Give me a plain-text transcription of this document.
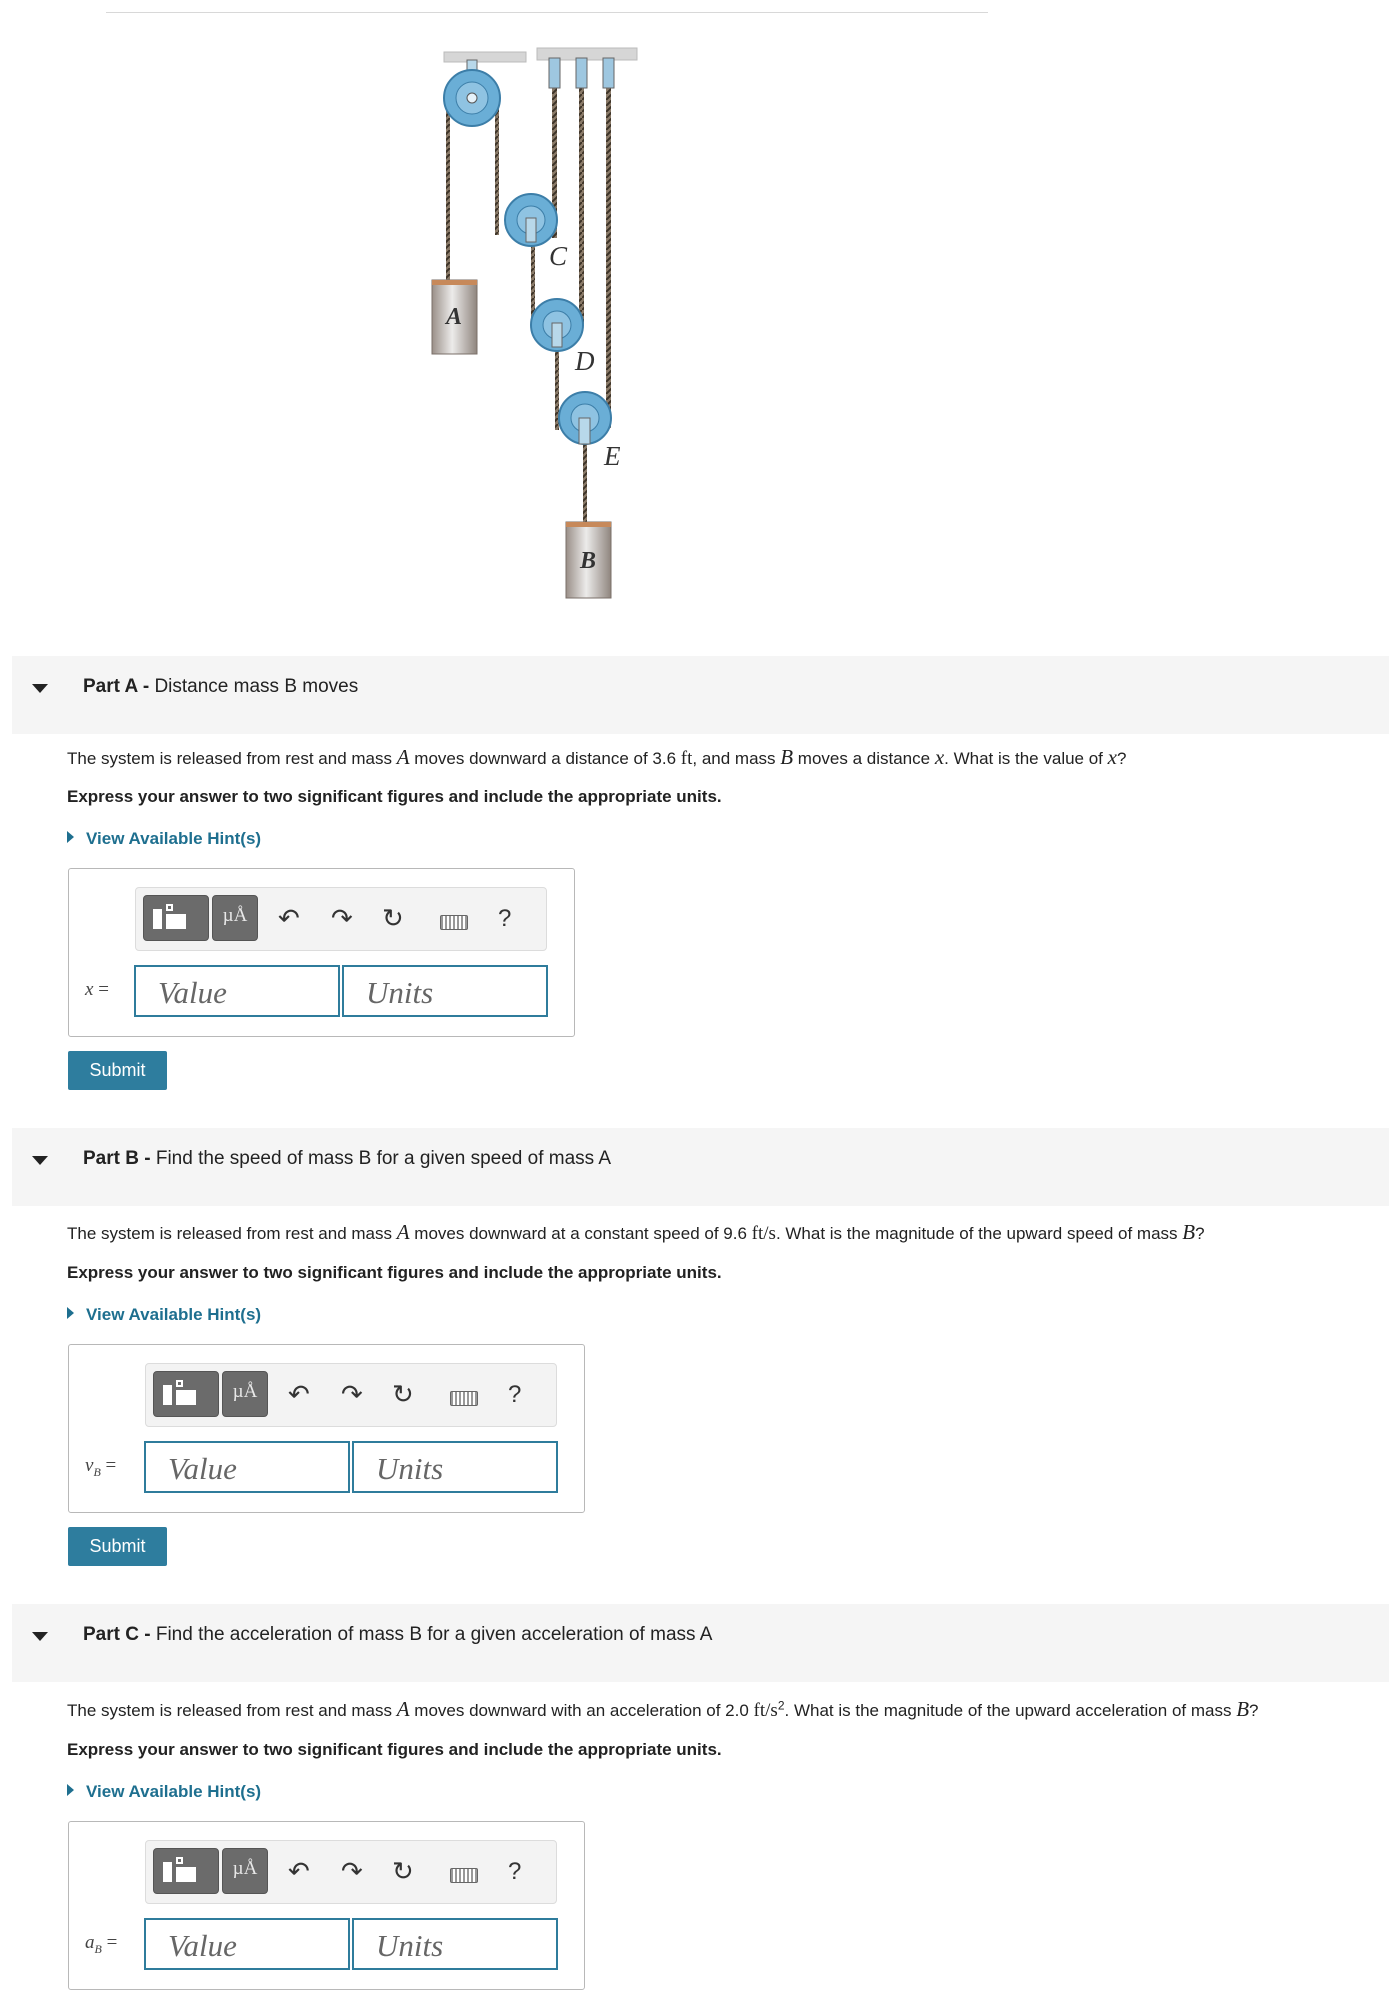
A
B
C
D
E
Part A - Distance mass B moves
The system is released from rest and mass A moves downward a distance of 3.6 ft, and mass B moves a distance x. What is the value of x?
Express your answer to two significant figures and include the appropriate units.
View Available Hint(s)
µÅ	↶ ↷ ↻	?
x =	Value	Units
Submit
Part B - Find the speed of mass B for a given speed of mass A
The system is released from rest and mass A moves downward at a constant speed of 9.6 ft/s. What is the magnitude of the upward speed of mass B?
Express your answer to two significant figures and include the appropriate units.
View Available Hint(s)
µÅ	↶ ↷ ↻	?
$v_B$ =	Value	Units
Submit
Part C - Find the acceleration of mass B for a given acceleration of mass A
The system is released from rest and mass A moves downward with an acceleration of 2.0 $ft/s^2$. What is the magnitude of the upward acceleration of mass B?
Express your answer to two significant figures and include the appropriate units.
View Available Hint(s)
µÅ	↶ ↷ ↻	?
$a_B$ =	Value	Units
